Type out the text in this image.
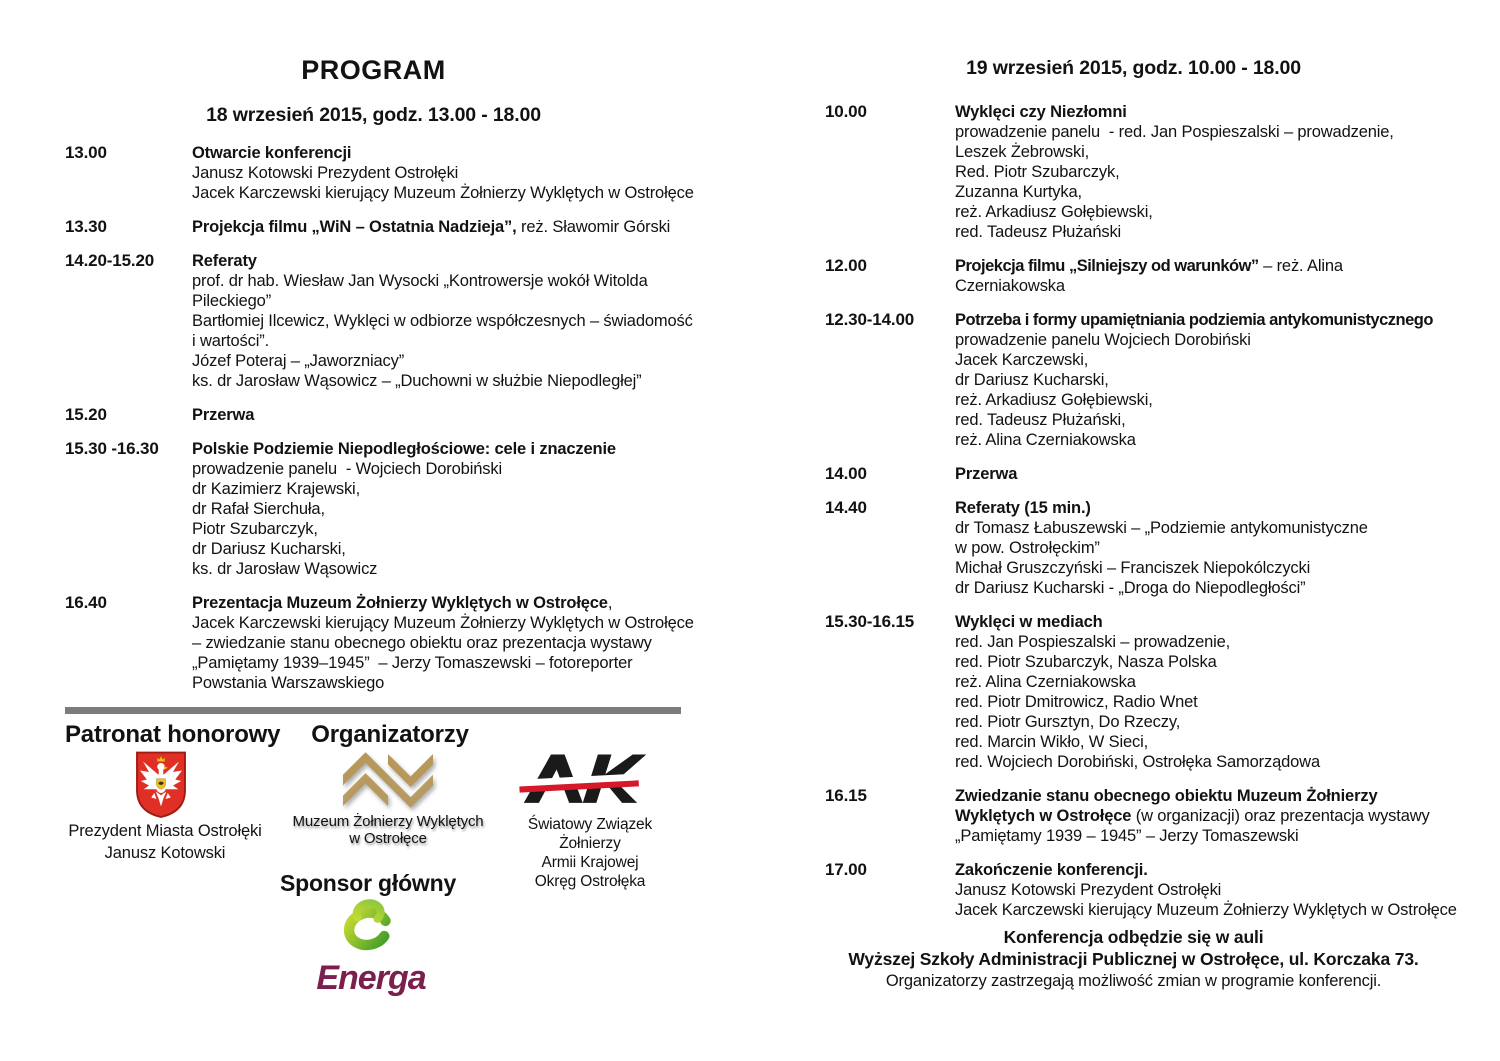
PROGRAM
18 wrzesień 2015, godz. 13.00 - 18.00
13.00	Otwarcie konferencji
Janusz Kotowski Prezydent Ostrołęki
Jacek Karczewski kierujący Muzeum Żołnierzy Wyklętych w Ostrołęce
13.30	Projekcja filmu „WiN – Ostatnia Nadzieja”, reż. Sławomir Górski
14.20-15.20	Referaty
prof. dr hab. Wiesław Jan Wysocki „Kontrowersje wokół Witolda
Pileckiego”
Bartłomiej Ilcewicz, Wyklęci w odbiorze współczesnych – świadomość
i wartości”.
Józef Poteraj – „Jaworzniacy”
ks. dr Jarosław Wąsowicz – „Duchowni w służbie Niepodległej”
15.20	Przerwa
15.30 -16.30	Polskie Podziemie Niepodległościowe: cele i znaczenie
prowadzenie panelu  - Wojciech Dorobiński
dr Kazimierz Krajewski,
dr Rafał Sierchuła,
Piotr Szubarczyk,
dr Dariusz Kucharski,
ks. dr Jarosław Wąsowicz
16.40	Prezentacja Muzeum Żołnierzy Wyklętych w Ostrołęce,
Jacek Karczewski kierujący Muzeum Żołnierzy Wyklętych w Ostrołęce
– zwiedzanie stanu obecnego obiektu oraz prezentacja wystawy
„Pamiętamy 1939–1945”  – Jerzy Tomaszewski – fotoreporter
Powstania Warszawskiego
19 wrzesień 2015, godz. 10.00 - 18.00
10.00	Wyklęci czy Niezłomni
prowadzenie panelu  - red. Jan Pospieszalski – prowadzenie,
Leszek Żebrowski,
Red. Piotr Szubarczyk,
Zuzanna Kurtyka,
reż. Arkadiusz Gołębiewski,
red. Tadeusz Płużański
12.00	Projekcja filmu „Silniejszy od warunków” – reż. Alina Czerniakowska
12.30-14.00	Potrzeba i formy upamiętniania podziemia antykomunistycznego
prowadzenie panelu Wojciech Dorobiński
Jacek Karczewski,
dr Dariusz Kucharski,
reż. Arkadiusz Gołębiewski,
red. Tadeusz Płużański,
reż. Alina Czerniakowska
14.00	Przerwa
14.40	Referaty (15 min.)
dr Tomasz Łabuszewski – „Podziemie antykomunistyczne
w pow. Ostrołęckim”
Michał Gruszczyński – Franciszek Niepokólczycki
dr Dariusz Kucharski - „Droga do Niepodległości”
15.30-16.15	Wyklęci w mediach
red. Jan Pospieszalski – prowadzenie,
red. Piotr Szubarczyk, Nasza Polska
reż. Alina Czerniakowska
red. Piotr Dmitrowicz, Radio Wnet
red. Piotr Gursztyn, Do Rzeczy,
red. Marcin Wikło, W Sieci,
red. Wojciech Dorobiński, Ostrołęka Samorządowa
16.15	Zwiedzanie stanu obecnego obiektu Muzeum Żołnierzy Wyklętych w Ostrołęce (w organizacji) oraz prezentacja wystawy „Pamiętamy 1939 – 1945” – Jerzy Tomaszewski
17.00	Zakończenie konferencji.
Janusz Kotowski Prezydent Ostrołęki
Jacek Karczewski kierujący Muzeum Żołnierzy Wyklętych w Ostrołęce
Patronat honorowy	Organizatorzy
Prezydent Miasta Ostrołęki
Janusz Kotowski
Muzeum Żołnierzy Wyklętych
w Ostrołęce
Światowy Związek Żołnierzy
Armii Krajowej
Okręg Ostrołęka
Sponsor główny
Energa
Konferencja odbędzie się w auli
Wyższej Szkoły Administracji Publicznej w Ostrołęce, ul. Korczaka 73.
Organizatorzy zastrzegają możliwość zmian w programie konferencji.
